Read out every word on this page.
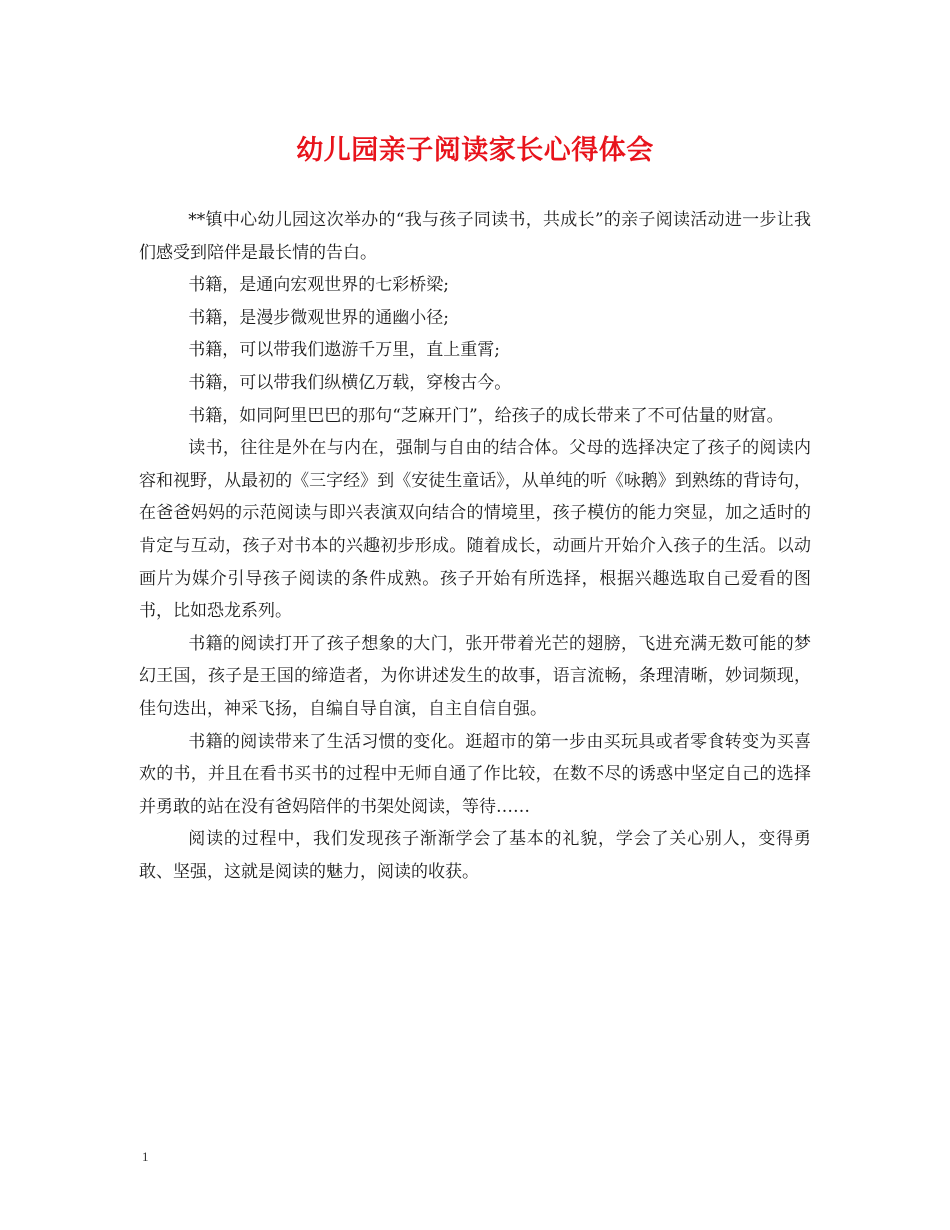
幼儿园亲子阅读家长心得体会

**镇中心幼儿园这次举办的“我与孩子同读书，共成长”的亲子阅读活动进一步让我们感受到陪伴是最长情的告白。

书籍，是通向宏观世界的七彩桥梁;

书籍，是漫步微观世界的通幽小径;

书籍，可以带我们遨游千万里，直上重霄;

书籍，可以带我们纵横亿万载，穿梭古今。

书籍，如同阿里巴巴的那句“芝麻开门”，给孩子的成长带来了不可估量的财富。

读书，往往是外在与内在，强制与自由的结合体。父母的选择决定了孩子的阅读内容和视野，从最初的《三字经》到《安徒生童话》，从单纯的听《咏鹅》到熟练的背诗句，在爸爸妈妈的示范阅读与即兴表演双向结合的情境里，孩子模仿的能力突显，加之适时的肯定与互动，孩子对书本的兴趣初步形成。随着成长，动画片开始介入孩子的生活。以动画片为媒介引导孩子阅读的条件成熟。孩子开始有所选择，根据兴趣选取自己爱看的图书，比如恐龙系列。

书籍的阅读打开了孩子想象的大门，张开带着光芒的翅膀，飞进充满无数可能的梦幻王国，孩子是王国的缔造者，为你讲述发生的故事，语言流畅，条理清晰，妙词频现，佳句迭出，神采飞扬，自编自导自演，自主自信自强。

书籍的阅读带来了生活习惯的变化。逛超市的第一步由买玩具或者零食转变为买喜欢的书，并且在看书买书的过程中无师自通了作比较，在数不尽的诱惑中坚定自己的选择并勇敢的站在没有爸妈陪伴的书架处阅读，等待……

阅读的过程中，我们发现孩子渐渐学会了基本的礼貌，学会了关心别人，变得勇敢、坚强，这就是阅读的魅力，阅读的收获。

1
